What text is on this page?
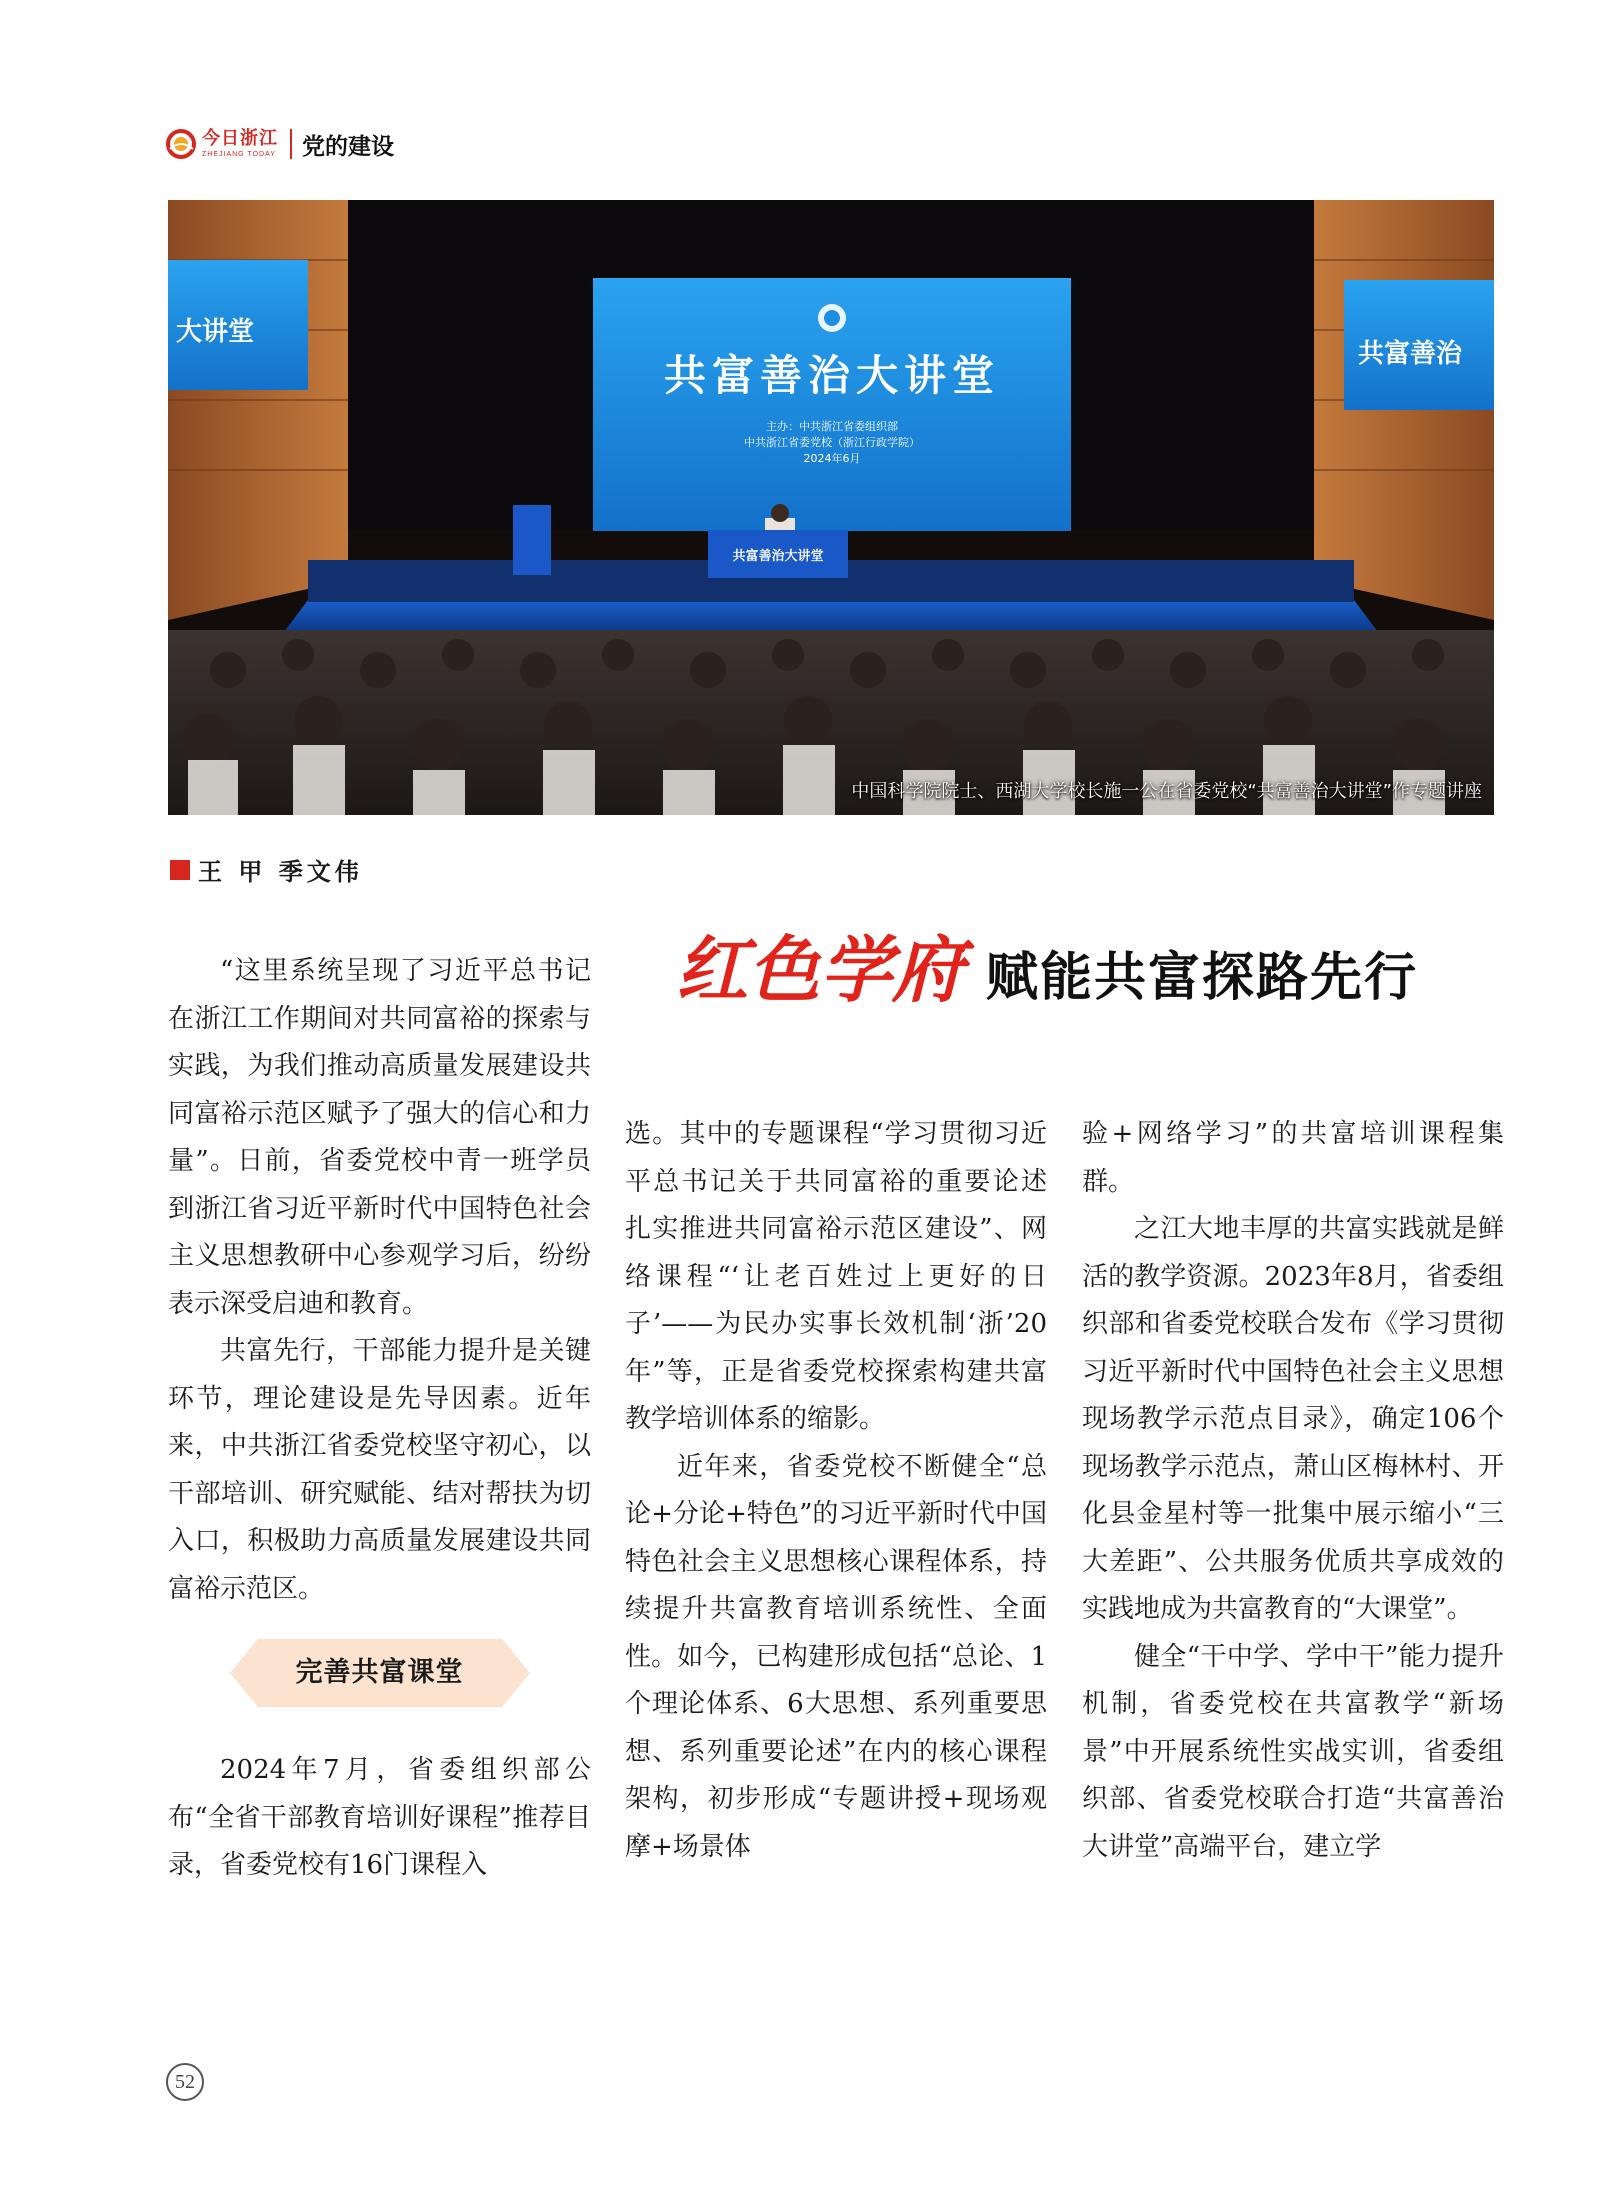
今日浙江
ZHEJIANG TODAY 党的建设
大讲堂
共富善治
共富善治大讲堂
主办：中共浙江省委组织部
中共浙江省委党校（浙江行政学院）
2024年6月
共富善治大讲堂
中国科学院院士、西湖大学校长施一公在省委党校“共富善治大讲堂”作专题讲座
王 甲 季文伟
红色学府 赋能共富探路先行

“这里系统呈现了习近平总书记在浙江工作期间对共同富裕的探索与实践，为我们推动高质量发展建设共同富裕示范区赋予了强大的信心和力量”。日前，省委党校中青一班学员到浙江省习近平新时代中国特色社会主义思想教研中心参观学习后，纷纷表示深受启迪和教育。

共富先行，干部能力提升是关键环节，理论建设是先导因素。近年来，中共浙江省委党校坚守初心，以干部培训、研究赋能、结对帮扶为切入口，积极助力高质量发展建设共同富裕示范区。

完善共富课堂

2024年7月，省委组织部公布“全省干部教育培训好课程”推荐目录，省委党校有16门课程入

选。其中的专题课程“学习贯彻习近平总书记关于共同富裕的重要论述 扎实推进共同富裕示范区建设”、网络课程“‘让老百姓过上更好的日子’——为民办实事长效机制‘浙’20年”等，正是省委党校探索构建共富教学培训体系的缩影。

近年来，省委党校不断健全“总论+分论+特色”的习近平新时代中国特色社会主义思想核心课程体系，持续提升共富教育培训系统性、全面性。如今，已构建形成包括“总论、1个理论体系、6大思想、系列重要思想、系列重要论述”在内的核心课程架构，初步形成“专题讲授+现场观摩+场景体

验+网络学习”的共富培训课程集群。

之江大地丰厚的共富实践就是鲜活的教学资源。2023年8月，省委组织部和省委党校联合发布《学习贯彻习近平新时代中国特色社会主义思想现场教学示范点目录》，确定106个现场教学示范点，萧山区梅林村、开化县金星村等一批集中展示缩小“三大差距”、公共服务优质共享成效的实践地成为共富教育的“大课堂”。

健全“干中学、学中干”能力提升机制，省委党校在共富教学“新场景”中开展系统性实战实训，省委组织部、省委党校联合打造“共富善治大讲堂”高端平台，建立学

52
